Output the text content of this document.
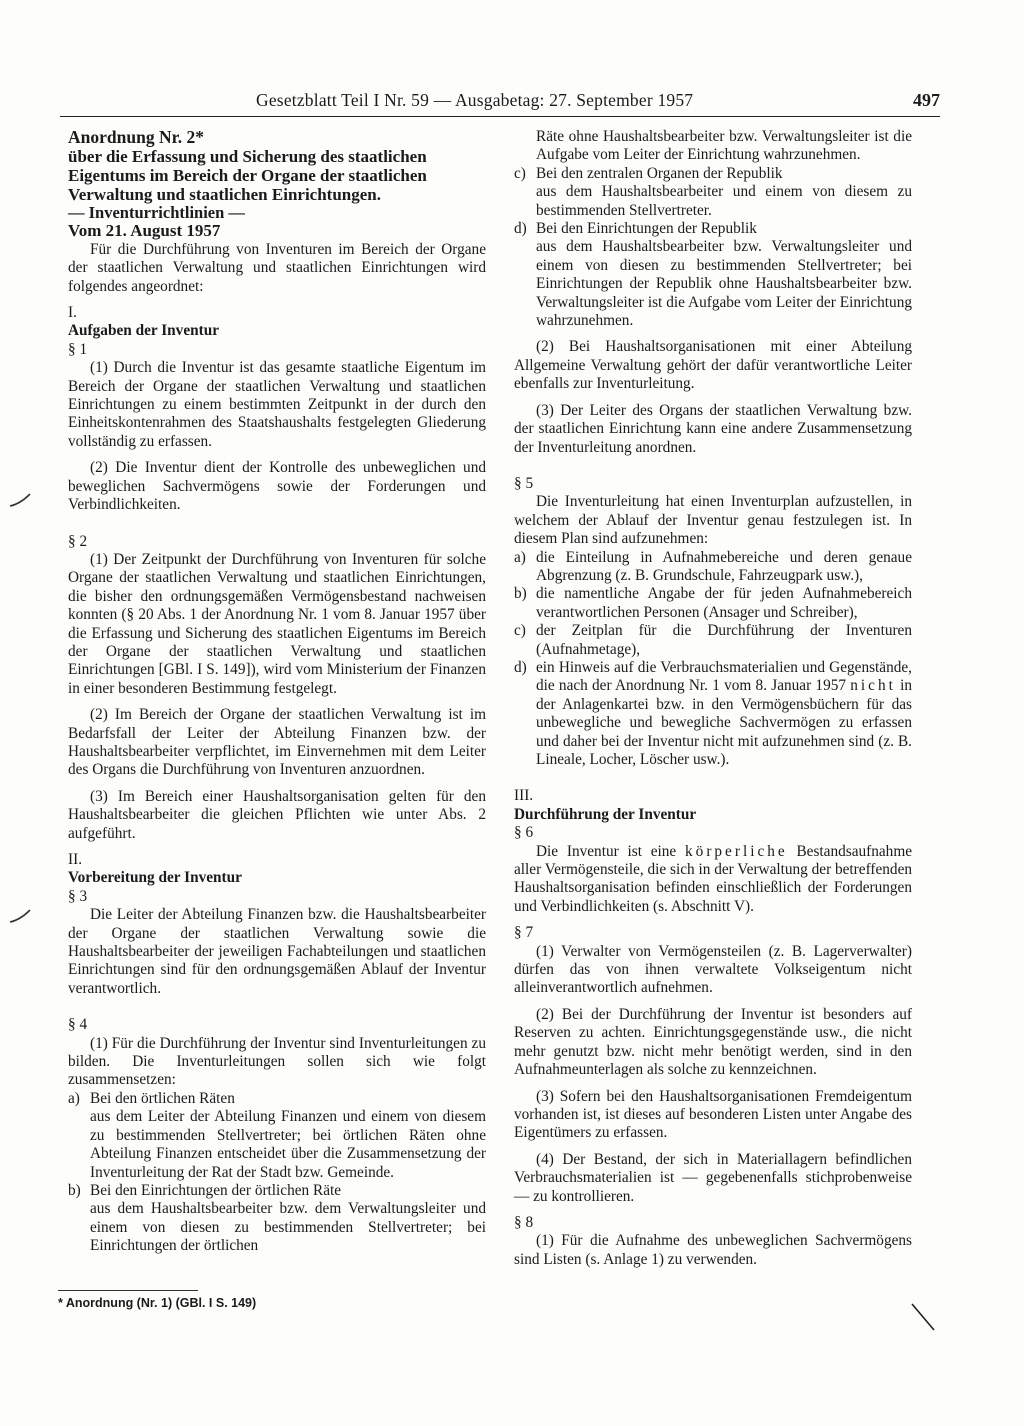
Gesetzblatt Teil I Nr. 59 — Ausgabetag: 27. September 1957	497

Anordnung Nr. 2*

über die Erfassung und Sicherung des staatlichen

Eigentums im Bereich der Organe der staatlichen

Verwaltung und staatlichen Einrichtungen.

— Inventurrichtlinien —

Vom 21. August 1957

Für die Durchführung von Inventuren im Bereich der Organe der staatlichen Verwaltung und staatlichen Einrichtungen wird folgendes angeordnet:

I.

Aufgaben der Inventur

§ 1

(1) Durch die Inventur ist das gesamte staatliche Eigentum im Bereich der Organe der staatlichen Verwaltung und staatlichen Einrichtungen zu einem bestimmten Zeitpunkt in der durch den Einheitskontenrahmen des Staatshaushalts festgelegten Gliederung vollständig zu erfassen.

(2) Die Inventur dient der Kontrolle des unbeweglichen und beweglichen Sachvermögens sowie der Forderungen und Verbindlichkeiten.

§ 2

(1) Der Zeitpunkt der Durchführung von Inventuren für solche Organe der staatlichen Verwaltung und staatlichen Einrichtungen, die bisher den ordnungsgemäßen Vermögensbestand nachweisen konnten (§ 20 Abs. 1 der Anordnung Nr. 1 vom 8. Januar 1957 über die Erfassung und Sicherung des staatlichen Eigentums im Bereich der Organe der staatlichen Verwaltung und staatlichen Einrichtungen [GBl. I S. 149]), wird vom Ministerium der Finanzen in einer besonderen Bestimmung festgelegt.

(2) Im Bereich der Organe der staatlichen Verwaltung ist im Bedarfsfall der Leiter der Abteilung Finanzen bzw. der Haushaltsbearbeiter verpflichtet, im Einvernehmen mit dem Leiter des Organs die Durchführung von Inventuren anzuordnen.

(3) Im Bereich einer Haushaltsorganisation gelten für den Haushaltsbearbeiter die gleichen Pflichten wie unter Abs. 2 aufgeführt.

II.

Vorbereitung der Inventur

§ 3

Die Leiter der Abteilung Finanzen bzw. die Haushaltsbearbeiter der Organe der staatlichen Verwaltung sowie die Haushaltsbearbeiter der jeweiligen Fachabteilungen und staatlichen Einrichtungen sind für den ordnungsgemäßen Ablauf der Inventur verantwortlich.

§ 4

(1) Für die Durchführung der Inventur sind Inventurleitungen zu bilden. Die Inventurleitungen sollen sich wie folgt zusammensetzen:

a) Bei den örtlichen Räten
aus dem Leiter der Abteilung Finanzen und einem von diesem zu bestimmenden Stellvertreter; bei örtlichen Räten ohne Abteilung Finanzen entscheidet über die Zusammensetzung der Inventurleitung der Rat der Stadt bzw. Gemeinde.
b) Bei den Einrichtungen der örtlichen Räte
aus dem Haushaltsbearbeiter bzw. dem Verwaltungsleiter und einem von diesen zu bestimmenden Stellvertreter; bei Einrichtungen der örtlichen
* Anordnung (Nr. 1) (GBl. I S. 149)
Räte ohne Haushaltsbearbeiter bzw. Verwaltungsleiter ist die Aufgabe vom Leiter der Einrichtung wahrzunehmen.
c) Bei den zentralen Organen der Republik
aus dem Haushaltsbearbeiter und einem von diesem zu bestimmenden Stellvertreter.
d) Bei den Einrichtungen der Republik
aus dem Haushaltsbearbeiter bzw. Verwaltungsleiter und einem von diesen zu bestimmenden Stellvertreter; bei Einrichtungen der Republik ohne Haushaltsbearbeiter bzw. Verwaltungsleiter ist die Aufgabe vom Leiter der Einrichtung wahrzunehmen.

(2) Bei Haushaltsorganisationen mit einer Abteilung Allgemeine Verwaltung gehört der dafür verantwortliche Leiter ebenfalls zur Inventurleitung.

(3) Der Leiter des Organs der staatlichen Verwaltung bzw. der staatlichen Einrichtung kann eine andere Zusammensetzung der Inventurleitung anordnen.

§ 5

Die Inventurleitung hat einen Inventurplan aufzustellen, in welchem der Ablauf der Inventur genau festzulegen ist. In diesem Plan sind aufzunehmen:

a) die Einteilung in Aufnahmebereiche und deren genaue Abgrenzung (z. B. Grundschule, Fahrzeugpark usw.),
b) die namentliche Angabe der für jeden Aufnahmebereich verantwortlichen Personen (Ansager und Schreiber),
c) der Zeitplan für die Durchführung der Inventuren (Aufnahmetage),
d) ein Hinweis auf die Verbrauchsmaterialien und Gegenstände, die nach der Anordnung Nr. 1 vom 8. Januar 1957 nicht in der Anlagenkartei bzw. in den Vermögensbüchern für das unbewegliche und bewegliche Sachvermögen zu erfassen und daher bei der Inventur nicht mit aufzunehmen sind (z. B. Lineale, Locher, Löscher usw.).

III.

Durchführung der Inventur

§ 6

Die Inventur ist eine körperliche Bestandsaufnahme aller Vermögensteile, die sich in der Verwaltung der betreffenden Haushaltsorganisation befinden einschließlich der Forderungen und Verbindlichkeiten (s. Abschnitt V).

§ 7

(1) Verwalter von Vermögensteilen (z. B. Lagerverwalter) dürfen das von ihnen verwaltete Volkseigentum nicht alleinverantwortlich aufnehmen.

(2) Bei der Durchführung der Inventur ist besonders auf Reserven zu achten. Einrichtungsgegenstände usw., die nicht mehr genutzt bzw. nicht mehr benötigt werden, sind in den Aufnahmeunterlagen als solche zu kennzeichnen.

(3) Sofern bei den Haushaltsorganisationen Fremdeigentum vorhanden ist, ist dieses auf besonderen Listen unter Angabe des Eigentümers zu erfassen.

(4) Der Bestand, der sich in Materiallagern befindlichen Verbrauchsmaterialien ist — gegebenenfalls stichprobenweise — zu kontrollieren.

§ 8

(1) Für die Aufnahme des unbeweglichen Sachvermögens sind Listen (s. Anlage 1) zu verwenden.
